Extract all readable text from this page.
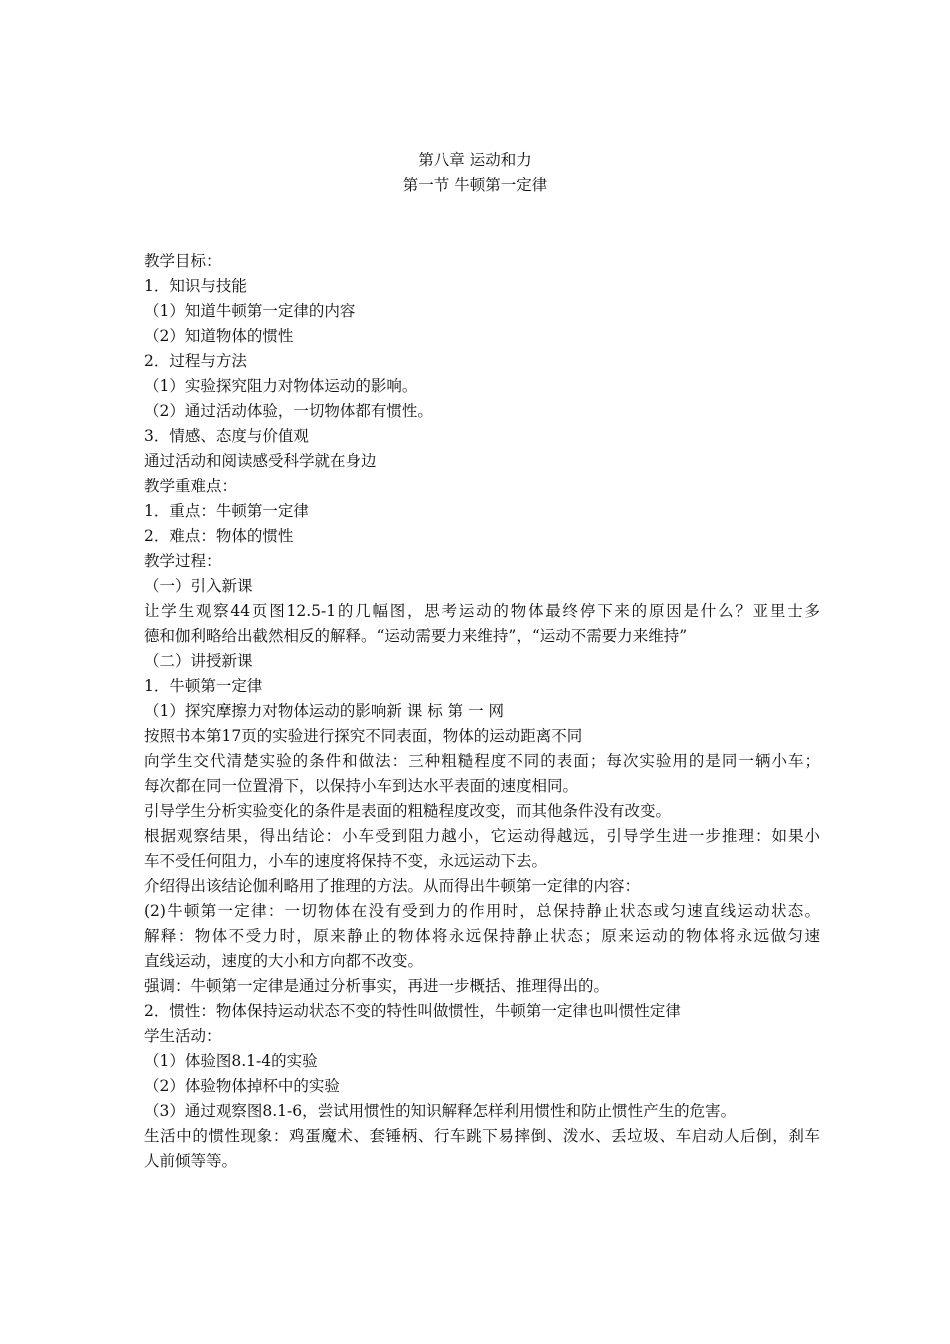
第八章 运动和力
第一节 牛顿第一定律
教学目标：
1．知识与技能
（1）知道牛顿第一定律的内容
（2）知道物体的惯性
2．过程与方法
（1）实验探究阻力对物体运动的影响。
（2）通过活动体验，一切物体都有惯性。
3．情感、态度与价值观
通过活动和阅读感受科学就在身边
教学重难点：
1．重点：牛顿第一定律
2．难点：物体的惯性
教学过程：
（一）引入新课
让学生观察44页图12.5-1的几幅图，思考运动的物体最终停下来的原因是什么？亚里士多
德和伽利略给出截然相反的解释。“运动需要力来维持”，“运动不需要力来维持”
（二）讲授新课
1．牛顿第一定律
（1）探究摩擦力对物体运动的影响新 课 标 第 一 网
按照书本第17页的实验进行探究不同表面，物体的运动距离不同
向学生交代清楚实验的条件和做法：三种粗糙程度不同的表面；每次实验用的是同一辆小车；
每次都在同一位置滑下，以保持小车到达水平表面的速度相同。
引导学生分析实验变化的条件是表面的粗糙程度改变，而其他条件没有改变。
根据观察结果，得出结论：小车受到阻力越小，它运动得越远，引导学生进一步推理：如果小
车不受任何阻力，小车的速度将保持不变，永远运动下去。
介绍得出该结论伽利略用了推理的方法。从而得出牛顿第一定律的内容：
(2)牛顿第一定律：一切物体在没有受到力的作用时，总保持静止状态或匀速直线运动状态。
解释：物体不受力时，原来静止的物体将永远保持静止状态；原来运动的物体将永远做匀速
直线运动，速度的大小和方向都不改变。
强调：牛顿第一定律是通过分析事实，再进一步概括、推理得出的。
2．惯性：物体保持运动状态不变的特性叫做惯性，牛顿第一定律也叫惯性定律
学生活动：
（1）体验图8.1-4的实验
（2）体验物体掉杯中的实验
（3）通过观察图8.1-6，尝试用惯性的知识解释怎样利用惯性和防止惯性产生的危害。
生活中的惯性现象：鸡蛋魔术、套锤柄、行车跳下易摔倒、泼水、丢垃圾、车启动人后倒，刹车
人前倾等等。
